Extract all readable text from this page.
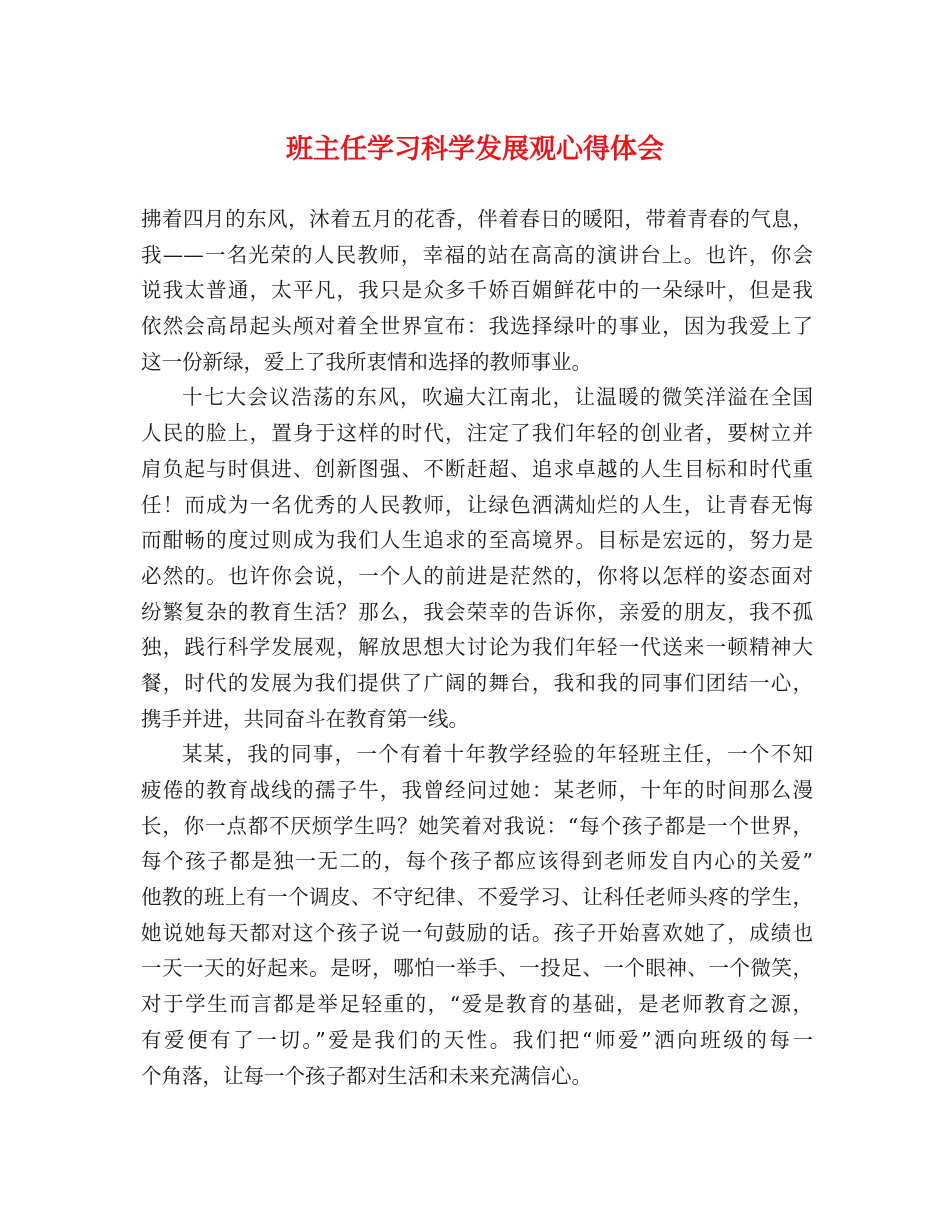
班主任学习科学发展观心得体会
拂着四月的东风，沐着五月的花香，伴着春日的暖阳，带着青春的气息，
我——一名光荣的人民教师，幸福的站在高高的演讲台上。也许，你会
说我太普通，太平凡，我只是众多千娇百媚鲜花中的一朵绿叶，但是我
依然会高昂起头颅对着全世界宣布：我选择绿叶的事业，因为我爱上了
这一份新绿，爱上了我所衷情和选择的教师事业。
十七大会议浩荡的东风，吹遍大江南北，让温暖的微笑洋溢在全国
人民的脸上，置身于这样的时代，注定了我们年轻的创业者，要树立并
肩负起与时俱进、创新图强、不断赶超、追求卓越的人生目标和时代重
任！而成为一名优秀的人民教师，让绿色洒满灿烂的人生，让青春无悔
而酣畅的度过则成为我们人生追求的至高境界。目标是宏远的，努力是
必然的。也许你会说，一个人的前进是茫然的，你将以怎样的姿态面对
纷繁复杂的教育生活？那么，我会荣幸的告诉你，亲爱的朋友，我不孤
独，践行科学发展观，解放思想大讨论为我们年轻一代送来一顿精神大
餐，时代的发展为我们提供了广阔的舞台，我和我的同事们团结一心，
携手并进，共同奋斗在教育第一线。
某某，我的同事，一个有着十年教学经验的年轻班主任，一个不知
疲倦的教育战线的孺子牛，我曾经问过她：某老师，十年的时间那么漫
长，你一点都不厌烦学生吗？她笑着对我说：“每个孩子都是一个世界，
每个孩子都是独一无二的，每个孩子都应该得到老师发自内心的关爱”
他教的班上有一个调皮、不守纪律、不爱学习、让科任老师头疼的学生，
她说她每天都对这个孩子说一句鼓励的话。孩子开始喜欢她了，成绩也
一天一天的好起来。是呀，哪怕一举手、一投足、一个眼神、一个微笑，
对于学生而言都是举足轻重的，“爱是教育的基础，是老师教育之源，
有爱便有了一切。”爱是我们的天性。我们把“师爱”洒向班级的每一
个角落，让每一个孩子都对生活和未来充满信心。
